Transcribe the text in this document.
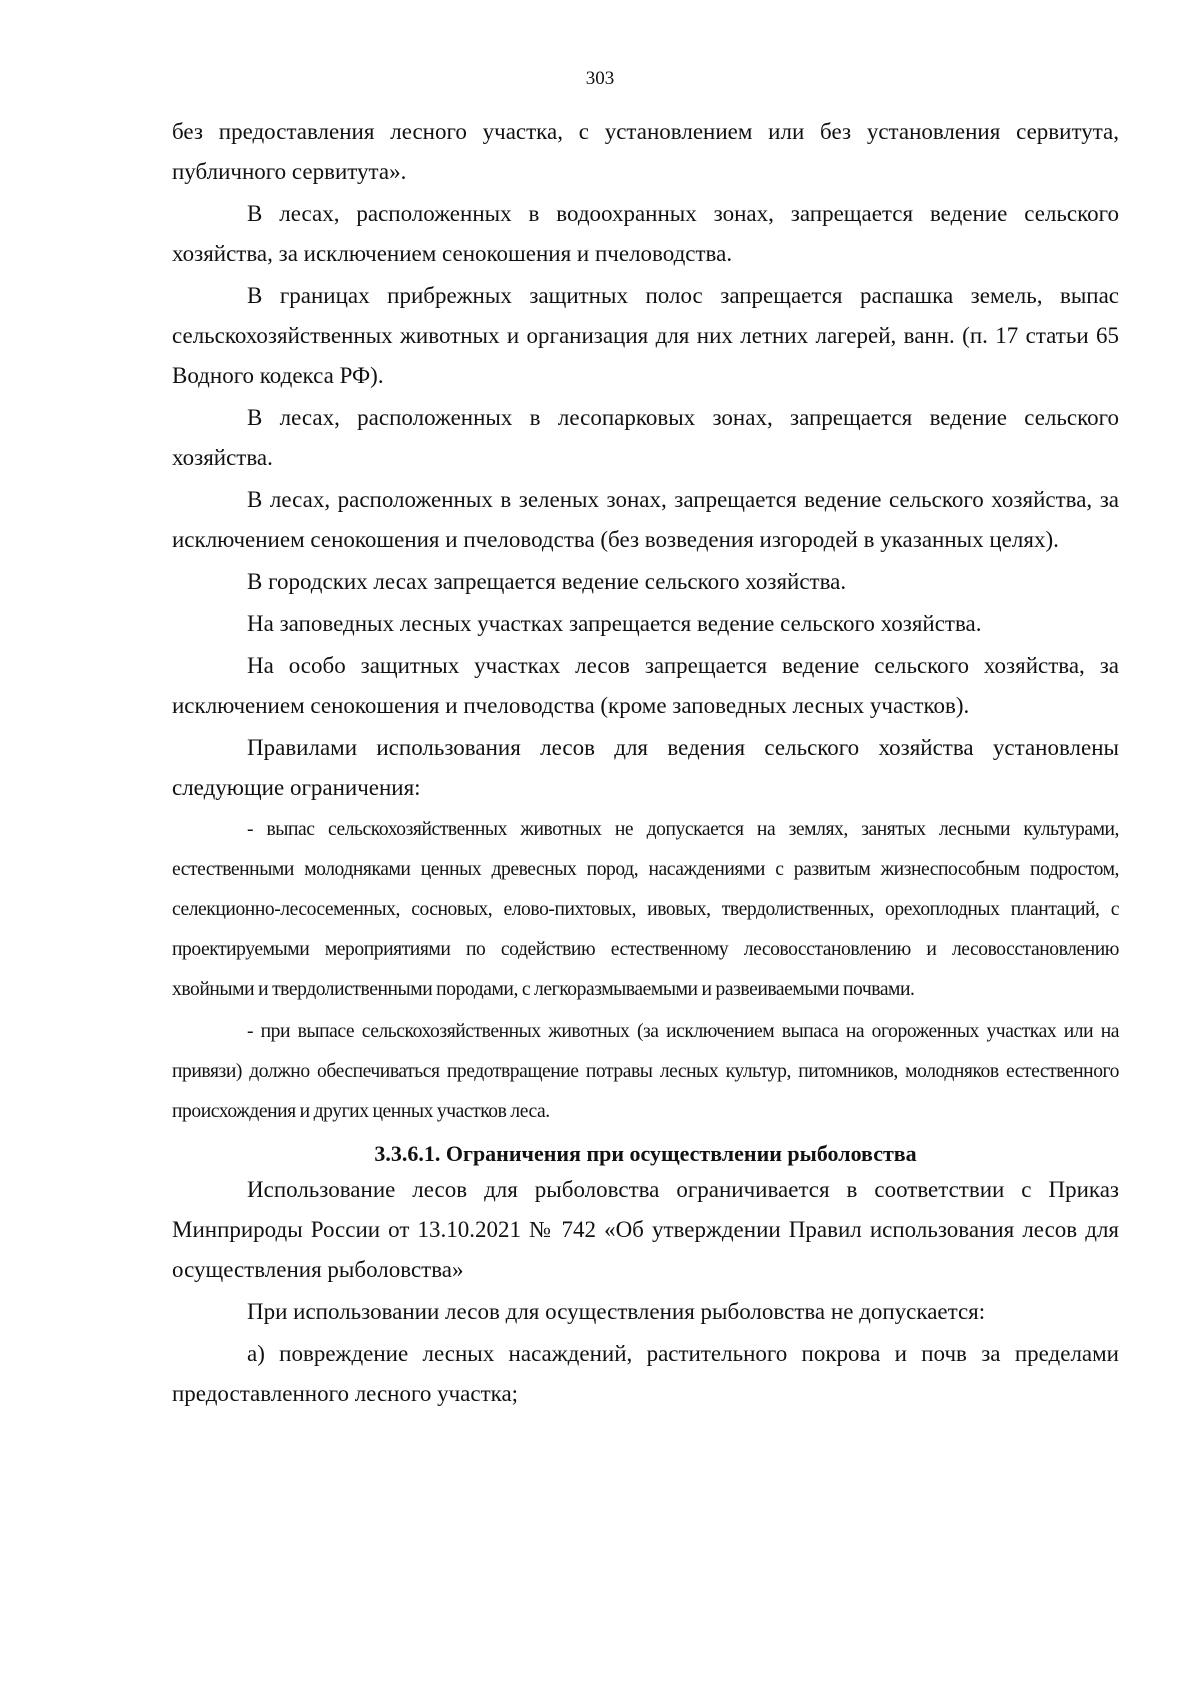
303

без предоставления лесного участка, с установлением или без установления сервитута, публичного сервитута».

В лесах, расположенных в водоохранных зонах, запрещается ведение сельского хозяйства, за исключением сенокошения и пчеловодства.

В границах прибрежных защитных полос запрещается распашка земель, выпас сельскохозяйственных животных и организация для них летних лагерей, ванн. (п. 17 статьи 65 Водного кодекса РФ).

В лесах, расположенных в лесопарковых зонах, запрещается ведение сельского хозяйства.

В лесах, расположенных в зеленых зонах, запрещается ведение сельского хозяйства, за исключением сенокошения и пчеловодства (без возведения изгородей в указанных целях).

В городских лесах запрещается ведение сельского хозяйства.

На заповедных лесных участках запрещается ведение сельского хозяйства.

На особо защитных участках лесов запрещается ведение сельского хозяйства, за исключением сенокошения и пчеловодства (кроме заповедных лесных участков).

Правилами использования лесов для ведения сельского хозяйства установлены следующие ограничения:

- выпас сельскохозяйственных животных не допускается на землях, занятых лесными культурами, естественными молодняками ценных древесных пород, насаждениями с развитым жизнеспособным подростом, селекционно-лесосеменных, сосновых, елово-пихтовых, ивовых, твердолиственных, орехоплодных плантаций, с проектируемыми мероприятиями по содействию естественному лесовосстановлению и лесовосстановлению хвойными и твердолиственными породами, с легкоразмываемыми и развеиваемыми почвами.

- при выпасе сельскохозяйственных животных (за исключением выпаса на огороженных участках или на привязи) должно обеспечиваться предотвращение потравы лесных культур, питомников, молодняков естественного происхождения и других ценных участков леса.

3.3.6.1. Ограничения при осуществлении рыболовства

Использование лесов для рыболовства ограничивается в соответствии с Приказ Минприроды России от 13.10.2021 № 742 «Об утверждении Правил использования лесов для осуществления рыболовства»

При использовании лесов для осуществления рыболовства не допускается:

а) повреждение лесных насаждений, растительного покрова и почв за пределами предоставленного лесного участка;
